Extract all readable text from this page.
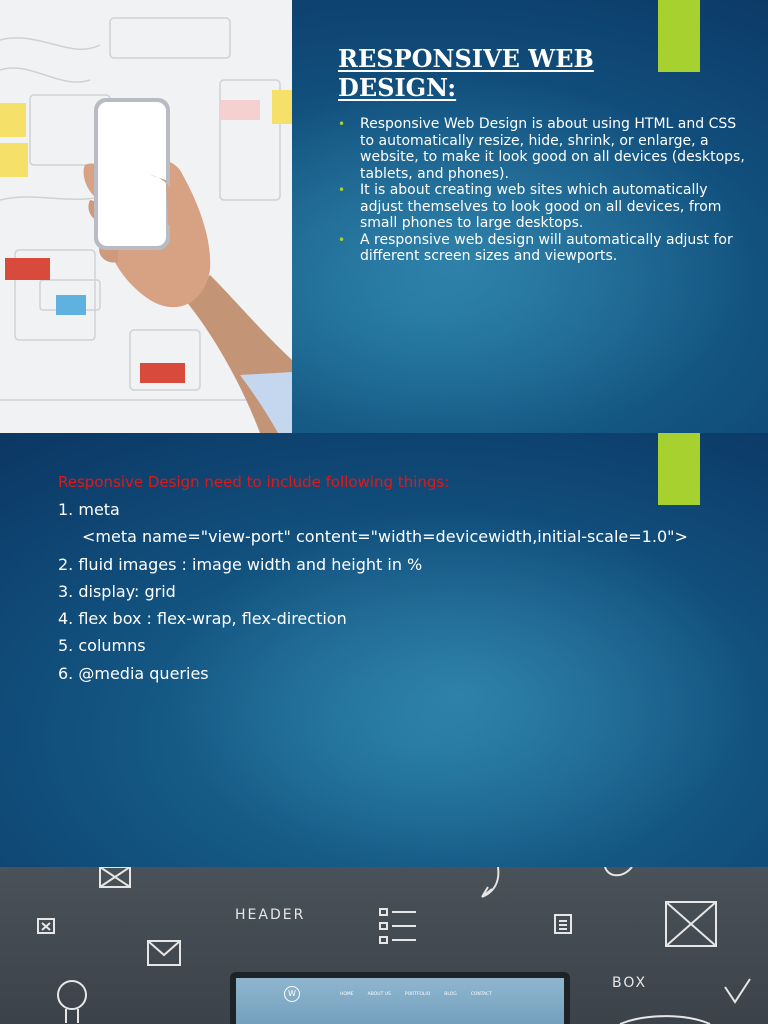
RESPONSIVE WEB DESIGN:
• Responsive Web Design is about using HTML and CSS to automatically resize, hide, shrink, or enlarge, a website, to make it look good on all devices (desktops, tablets, and phones).
• It is about creating web sites which automatically adjust themselves to look good on all devices, from small phones to large desktops.
• A responsive web design will automatically adjust for different screen sizes and viewports.

Responsive Design need to include following things:

1. meta
<meta name="view-port" content="width=devicewidth,initial-scale=1.0">
2. fluid images : image width and height in %
3. display: grid
4. flex box : flex-wrap, flex-direction
5. columns
6. @media queries
HEADER
BOX
W	HOME	ABOUT US	PORTFOLIO	BLOG	CONTACT
